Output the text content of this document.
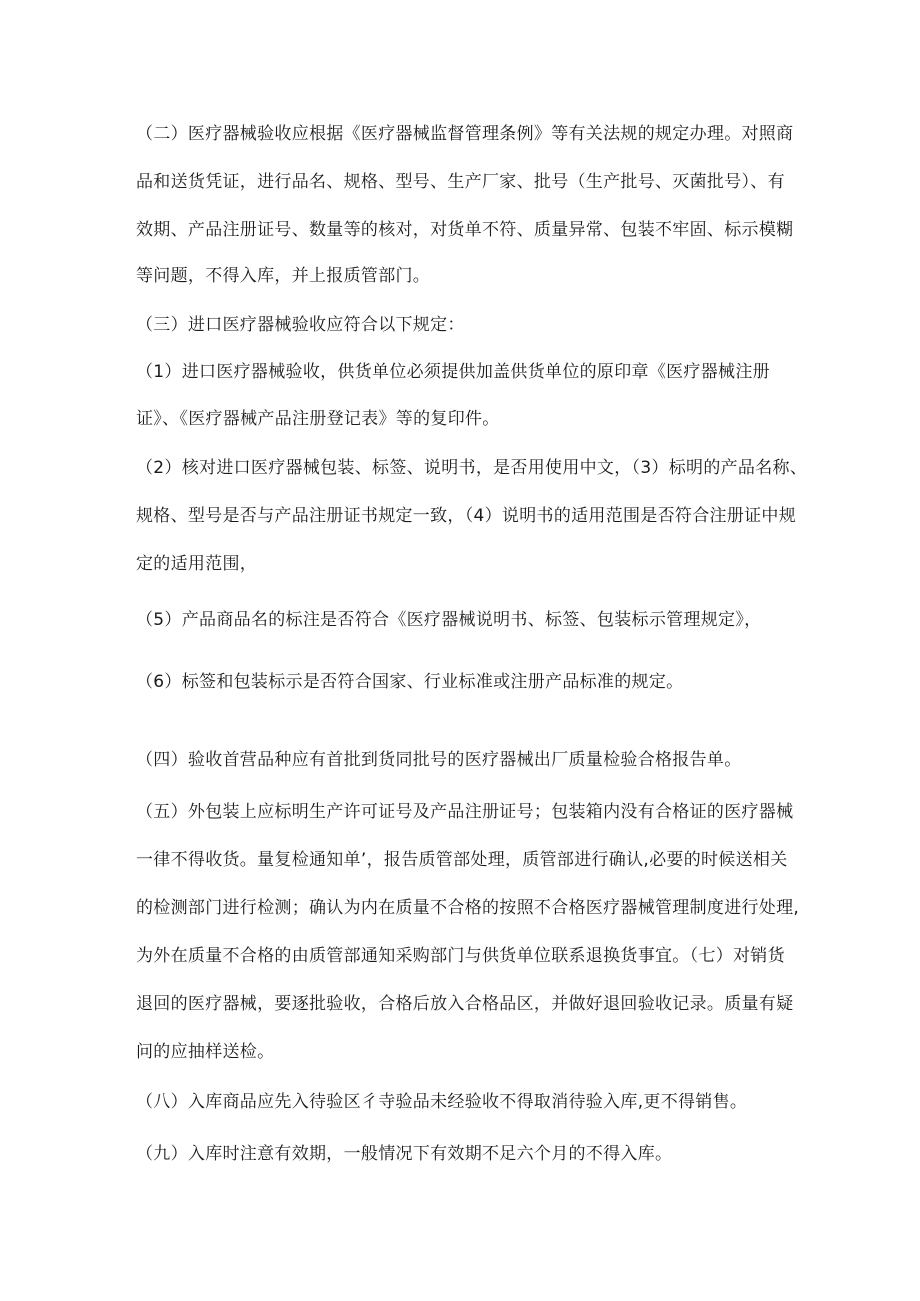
（二）医疗器械验收应根据《医疗器械监督管理条例》等有关法规的规定办理。对照商
品和送货凭证，进行品名、规格、型号、生产厂家、批号（生产批号、灭菌批号）、有
效期、产品注册证号、数量等的核对，对货单不符、质量异常、包装不牢固、标示模糊
等问题，不得入库，并上报质管部门。
（三）进口医疗器械验收应符合以下规定：
（1）进口医疗器械验收，供货单位必须提供加盖供货单位的原印章《医疗器械注册
证》、《医疗器械产品注册登记表》等的复印件。
（2）核对进口医疗器械包装、标签、说明书，是否用使用中文，（3）标明的产品名称、
规格、型号是否与产品注册证书规定一致，（4）说明书的适用范围是否符合注册证中规
定的适用范围，
（5）产品商品名的标注是否符合《医疗器械说明书、标签、包装标示管理规定》，
（6）标签和包装标示是否符合国家、行业标准或注册产品标准的规定。
（四）验收首营品种应有首批到货同批号的医疗器械出厂质量检验合格报告单。
（五）外包装上应标明生产许可证号及产品注册证号；包装箱内没有合格证的医疗器械
一律不得收货。量复检通知单’，报告质管部处理，质管部进行确认,必要的时候送相关
的检测部门进行检测；确认为内在质量不合格的按照不合格医疗器械管理制度进行处理,
为外在质量不合格的由质管部通知采购部门与供货单位联系退换货事宜。（七）对销货
退回的医疗器械，要逐批验收，合格后放入合格品区，并做好退回验收记录。质量有疑
问的应抽样送检。
（八）入库商品应先入待验区彳寺验品未经验收不得取消待验入库,更不得销售。
（九）入库时注意有效期，一般情况下有效期不足六个月的不得入库。
